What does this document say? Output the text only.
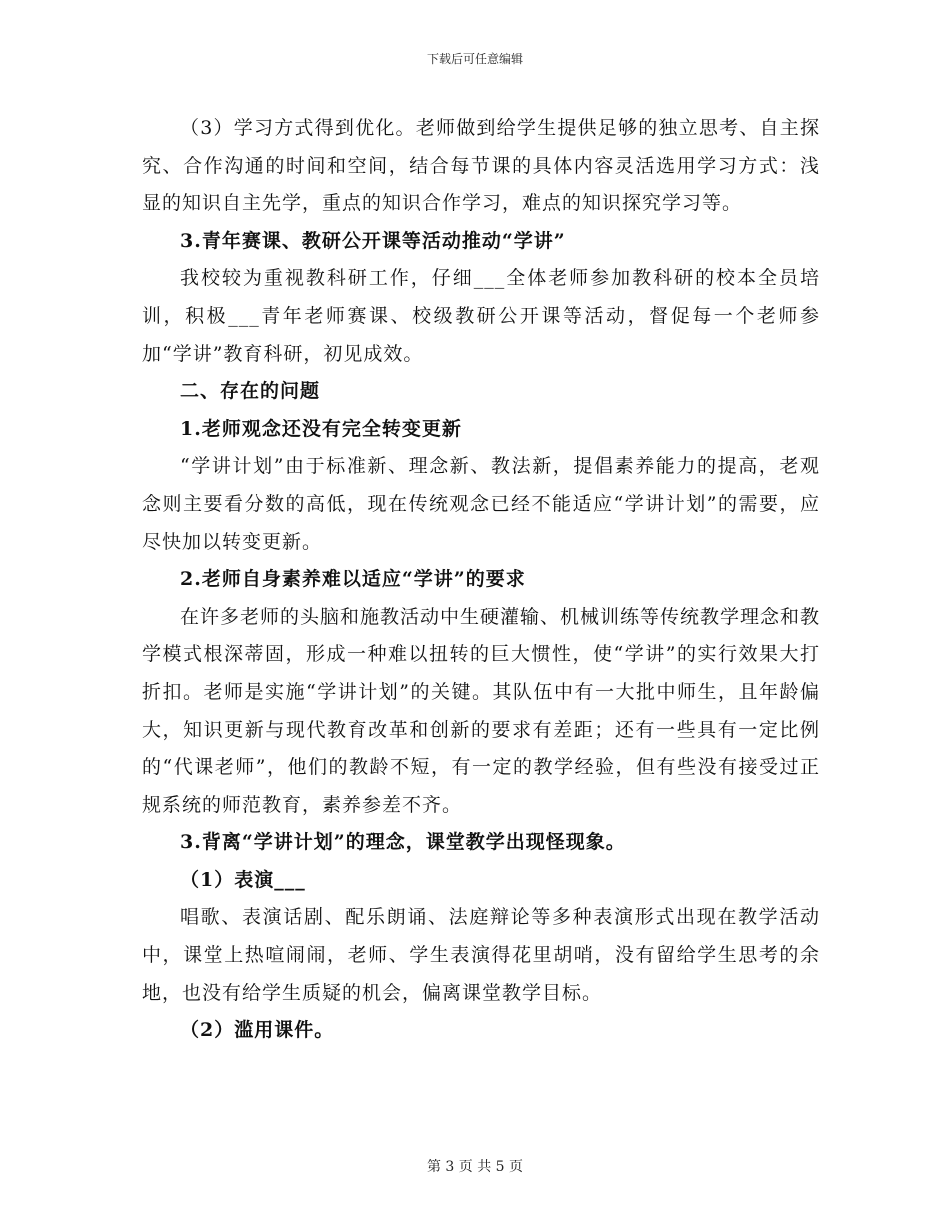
下载后可任意编辑

（3）学习方式得到优化。老师做到给学生提供足够的独立思考、自主探究、合作沟通的时间和空间，结合每节课的具体内容灵活选用学习方式：浅显的知识自主先学，重点的知识合作学习，难点的知识探究学习等。

3.青年赛课、教研公开课等活动推动“学讲”

我校较为重视教科研工作，仔细___全体老师参加教科研的校本全员培训，积极___青年老师赛课、校级教研公开课等活动，督促每一个老师参加“学讲”教育科研，初见成效。

二、存在的问题

1.老师观念还没有完全转变更新

“学讲计划”由于标准新、理念新、教法新，提倡素养能力的提高，老观念则主要看分数的高低，现在传统观念已经不能适应“学讲计划”的需要，应尽快加以转变更新。

2.老师自身素养难以适应“学讲”的要求

在许多老师的头脑和施教活动中生硬灌输、机械训练等传统教学理念和教学模式根深蒂固，形成一种难以扭转的巨大惯性，使“学讲”的实行效果大打折扣。老师是实施“学讲计划”的关键。其队伍中有一大批中师生，且年龄偏大，知识更新与现代教育改革和创新的要求有差距；还有一些具有一定比例的“代课老师”，他们的教龄不短，有一定的教学经验，但有些没有接受过正规系统的师范教育，素养参差不齐。

3.背离“学讲计划”的理念，课堂教学出现怪现象。

（1）表演___

唱歌、表演话剧、配乐朗诵、法庭辩论等多种表演形式出现在教学活动中，课堂上热喧闹闹，老师、学生表演得花里胡哨，没有留给学生思考的余地，也没有给学生质疑的机会，偏离课堂教学目标。

（2）滥用课件。

第 3 页 共 5 页
